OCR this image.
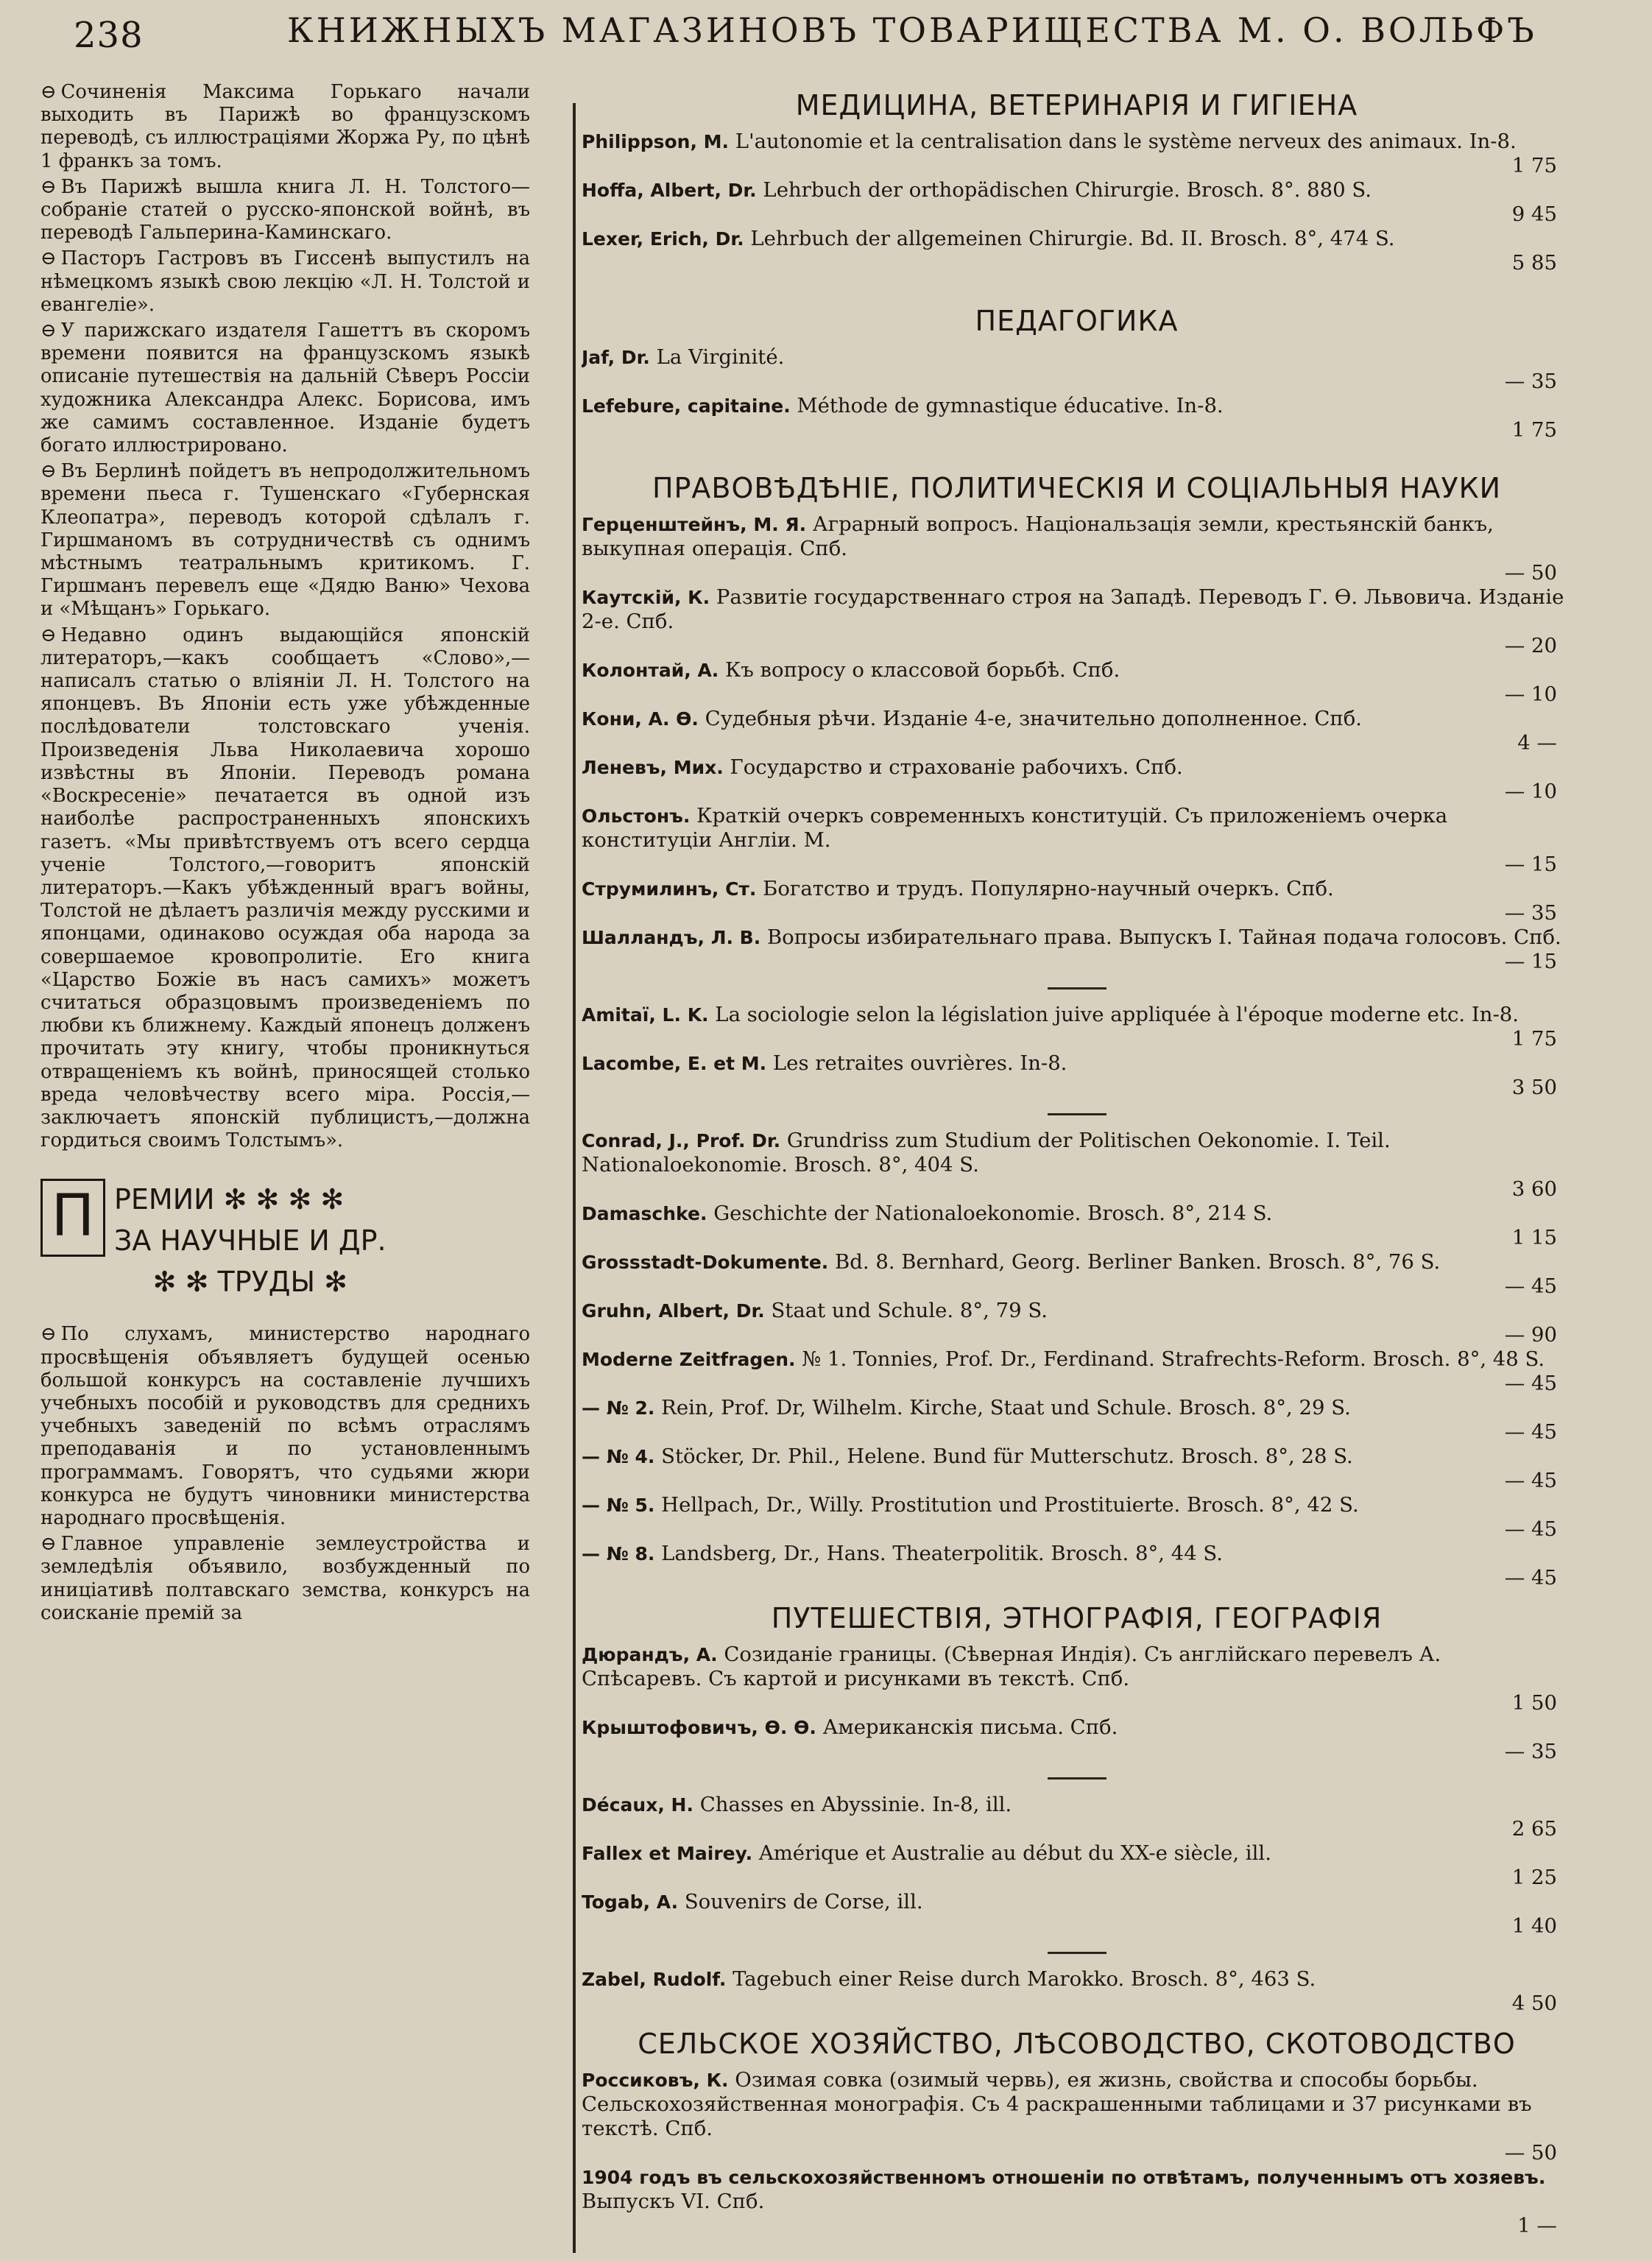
238	КНИЖНЫХЪ МАГАЗИНОВЪ ТОВАРИЩЕСТВА М. О. ВОЛЬФЪ

⊖ Сочиненія Максима Горькаго начали выходить въ Парижѣ во французскомъ переводѣ, съ иллюстраціями Жоржа Ру, по цѣнѣ 1 франкъ за томъ.

⊖ Въ Парижѣ вышла книга Л. Н. Толстого—собраніе статей о русско-японской войнѣ, въ переводѣ Гальперина-Каминскаго.

⊖ Пасторъ Гастровъ въ Гиссенѣ выпустилъ на нѣмецкомъ языкѣ свою лекцію «Л. Н. Толстой и евангеліе».

⊖ У парижскаго издателя Гашеттъ въ скоромъ времени появится на французскомъ языкѣ описаніе путешествія на дальній Сѣверъ Россіи художника Александра Алекс. Борисова, имъ же самимъ составленное. Изданіе будетъ богато иллюстрировано.

⊖ Въ Берлинѣ пойдетъ въ непродолжительномъ времени пьеса г. Тушенскаго «Губернская Клеопатра», переводъ которой сдѣлалъ г. Гиршманомъ въ сотрудничествѣ съ однимъ мѣстнымъ театральнымъ критикомъ. Г. Гиршманъ перевелъ еще «Дядю Ваню» Чехова и «Мѣщанъ» Горькаго.

⊖ Недавно одинъ выдающійся японскій литераторъ,—какъ сообщаетъ «Слово»,—написалъ статью о вліяніи Л. Н. Толстого на японцевъ. Въ Японіи есть уже убѣжденные послѣдователи толстовскаго ученія. Произведенія Льва Николаевича хорошо извѣстны въ Японіи. Переводъ романа «Воскресеніе» печатается въ одной изъ наиболѣе распространенныхъ японскихъ газетъ. «Мы привѣтствуемъ отъ всего сердца ученіе Толстого,—говоритъ японскій литераторъ.—Какъ убѣжденный врагъ войны, Толстой не дѣлаетъ различія между русскими и японцами, одинаково осуждая оба народа за совершаемое кровопролитіе. Его книга «Царство Божіе въ насъ самихъ» можетъ считаться образцовымъ произведеніемъ по любви къ ближнему. Каждый японецъ долженъ прочитать эту книгу, чтобы проникнуться отвращеніемъ къ войнѣ, приносящей столько вреда человѣчеству всего міра. Россія,—заключаетъ японскій публицистъ,—должна гордиться своимъ Толстымъ».

П РЕМИИ ✻ ✻ ✻ ✻

ЗА НАУЧНЫЕ И ДР.
✻ ✻ ТРУДЫ ✻

⊖ По слухамъ, министерство народнаго просвѣщенія объявляетъ будущей осенью большой конкурсъ на составленіе лучшихъ учебныхъ пособій и руководствъ для среднихъ учебныхъ заведеній по всѣмъ отраслямъ преподаванія и по установленнымъ программамъ. Говорятъ, что судьями жюри конкурса не будутъ чиновники министерства народнаго просвѣщенія.

⊖ Главное управленіе землеустройства и земледѣлія объявило, возбужденный по иниціативѣ полтавскаго земства, конкурсъ на соисканіе премій за

МЕДИЦИНА, ВЕТЕРИНАРІЯ И ГИГІЕНА
Philippson, M. L'autonomie et la centralisation dans le système nerveux des animaux. In-8.
1 75
Hoffa, Albert, Dr. Lehrbuch der orthopädischen Chirurgie. Brosch. 8°. 880 S.
9 45
Lexer, Erich, Dr. Lehrbuch der allgemeinen Chirurgie. Bd. II. Brosch. 8°, 474 S.
5 85
ПЕДАГОГИКА
Jaf, Dr. La Virginité.
— 35
Lefebure, capitaine. Méthode de gymnastique éducative. In-8.
1 75
ПРАВОВѢДѢНІЕ, ПОЛИТИЧЕСКІЯ И СОЦІАЛЬНЫЯ НАУКИ
Герценштейнъ, М. Я. Аграрный вопросъ. Національзація земли, крестьянскій банкъ, выкупная операція. Спб.
— 50
Каутскій, К. Развитіе государственнаго строя на Западѣ. Переводъ Г. Ө. Львовича. Изданіе 2-е. Спб.
— 20
Колонтай, А. Къ вопросу о классовой борьбѣ. Спб.
— 10
Кони, А. Ө. Судебныя рѣчи. Изданіе 4-е, значительно дополненное. Спб.
4 —
Леневъ, Мих. Государство и страхованіе рабочихъ. Спб.
— 10
Ольстонъ. Краткій очеркъ современныхъ конституцій. Съ приложеніемъ очерка конституціи Англіи. М.
— 15
Струмилинъ, Ст. Богатство и трудъ. Популярно-научный очеркъ. Спб.
— 35
Шалландъ, Л. В. Вопросы избирательнаго права. Выпускъ I. Тайная подача голосовъ. Спб.
— 15
Amitaï, L. K. La sociologie selon la législation juive appliquée à l'époque moderne etc. In-8.
1 75
Lacombe, E. et M. Les retraites ouvrières. In-8.
3 50
Conrad, J., Prof. Dr. Grundriss zum Studium der Politischen Oekonomie. I. Teil. Nationaloekonomie. Brosch. 8°, 404 S.
3 60
Damaschke. Geschichte der Nationaloekonomie. Brosch. 8°, 214 S.
1 15
Grossstadt-Dokumente. Bd. 8. Bernhard, Georg. Berliner Banken. Brosch. 8°, 76 S.
— 45
Gruhn, Albert, Dr. Staat und Schule. 8°, 79 S.
— 90
Moderne Zeitfragen. № 1. Tonnies, Prof. Dr., Ferdinand. Strafrechts-Reform. Brosch. 8°, 48 S.
— 45
— № 2. Rein, Prof. Dr, Wilhelm. Kirche, Staat und Schule. Brosch. 8°, 29 S.
— 45
— № 4. Stöcker, Dr. Phil., Helene. Bund für Mutterschutz. Brosch. 8°, 28 S.
— 45
— № 5. Hellpach, Dr., Willy. Prostitution und Prostituierte. Brosch. 8°, 42 S.
— 45
— № 8. Landsberg, Dr., Hans. Theaterpolitik. Brosch. 8°, 44 S.
— 45
ПУТЕШЕСТВІЯ, ЭТНОГРАФІЯ, ГЕОГРАФІЯ
Дюрандъ, А. Созиданіе границы. (Сѣверная Индія). Съ англійскаго перевелъ А. Спѣсаревъ. Съ картой и рисунками въ текстѣ. Спб.
1 50
Крыштофовичъ, Ө. Ө. Американскія письма. Спб.
— 35
Décaux, H. Chasses en Abyssinie. In-8, ill.
2 65
Fallex et Mairey. Amérique et Australie au début du XX-e siècle, ill.
1 25
Togab, A. Souvenirs de Corse, ill.
1 40
Zabel, Rudolf. Tagebuch einer Reise durch Marokko. Brosch. 8°, 463 S.
4 50
СЕЛЬСКОЕ ХОЗЯЙСТВО, ЛѢСОВОДСТВО, СКОТОВОДСТВО
Россиковъ, К. Озимая совка (озимый червь), ея жизнь, свойства и способы борьбы. Сельскохозяйственная монографія. Съ 4 раскрашенными таблицами и 37 рисунками въ текстѣ. Спб.
— 50
1904 годъ въ сельскохозяйственномъ отношеніи по отвѣтамъ, полученнымъ отъ хозяевъ. Выпускъ VI. Спб.
1 —
